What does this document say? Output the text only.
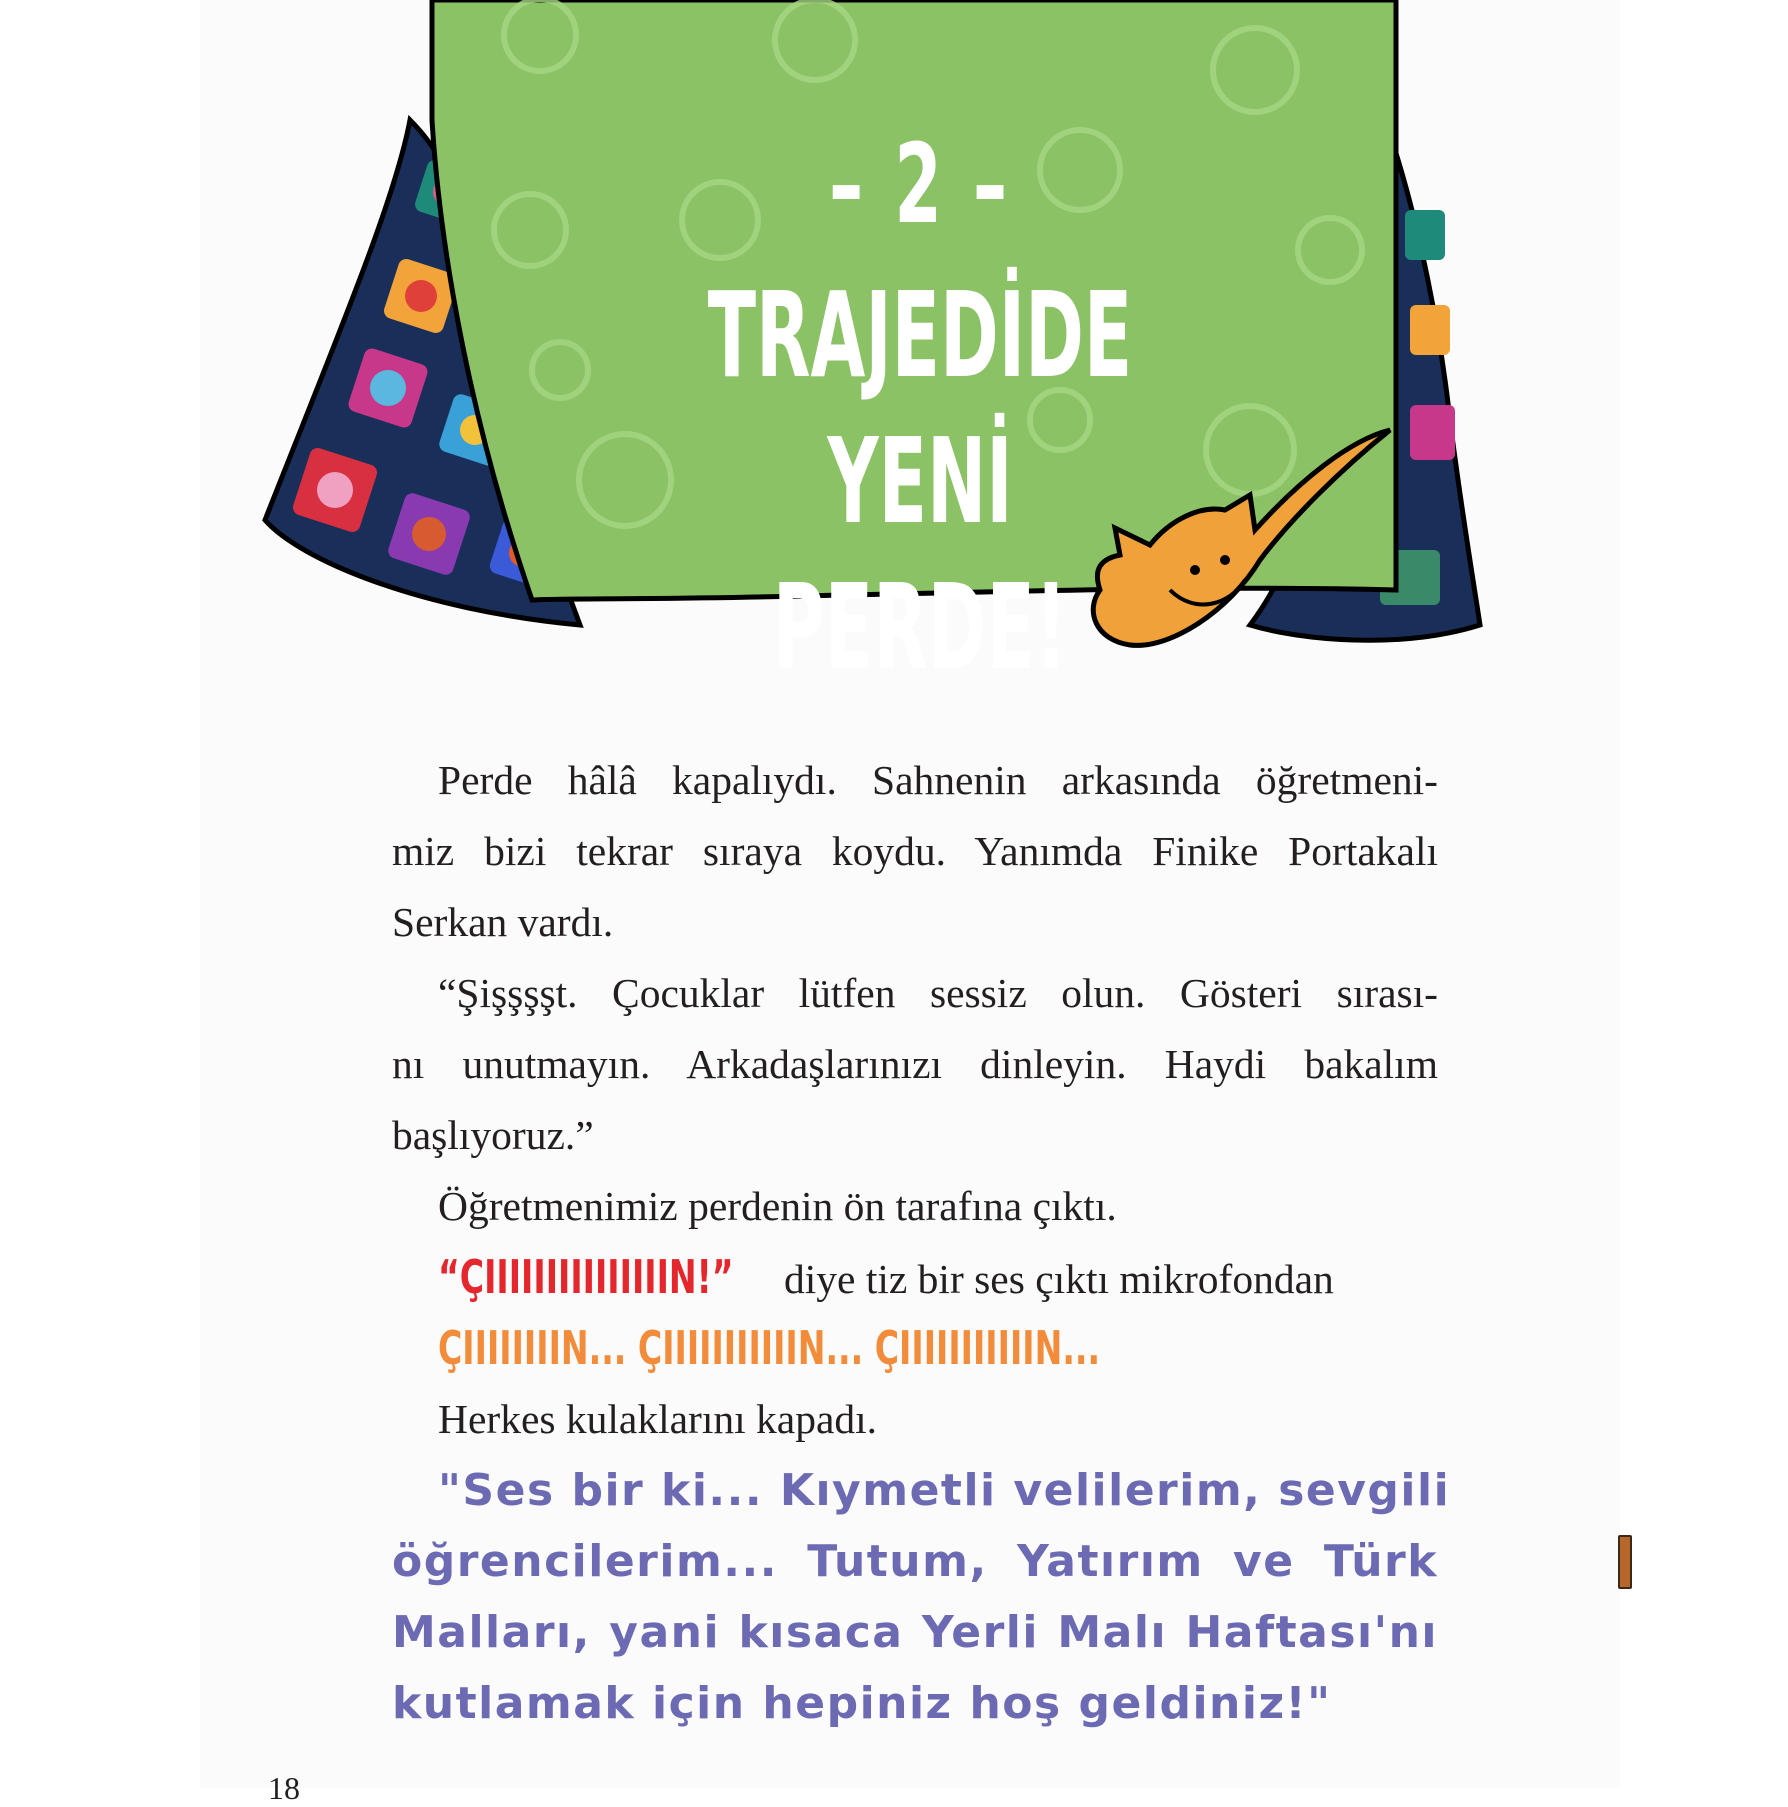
– 2 –
TRAJEDİDE YENİ
PERDE!
Perde hâlâ kapalıydı. Sahnenin arkasında öğretmeni-
miz bizi tekrar sıraya koydu. Yanımda Finike Portakalı
Serkan vardı.
“Şişşşşt. Çocuklar lütfen sessiz olun. Gösteri sırası-
nı unutmayın. Arkadaşlarınızı dinleyin. Haydi bakalım
başlıyoruz.”
Öğretmenimiz perdenin ön tarafına çıktı.
“ÇIIIIIIIIIIIIIIIN!” diye tiz bir ses çıktı mikrofondan
ÇIIIIIIIIN... ÇIIIIIIIIIIIN... ÇIIIIIIIIIIIN...
Herkes kulaklarını kapadı.
"Ses bir ki... Kıymetli velilerim, sevgili
öğrencilerim... Tutum, Yatırım ve Türk
Malları, yani kısaca Yerli Malı Haftası'nı
kutlamak için hepiniz hoş geldiniz!"
18
